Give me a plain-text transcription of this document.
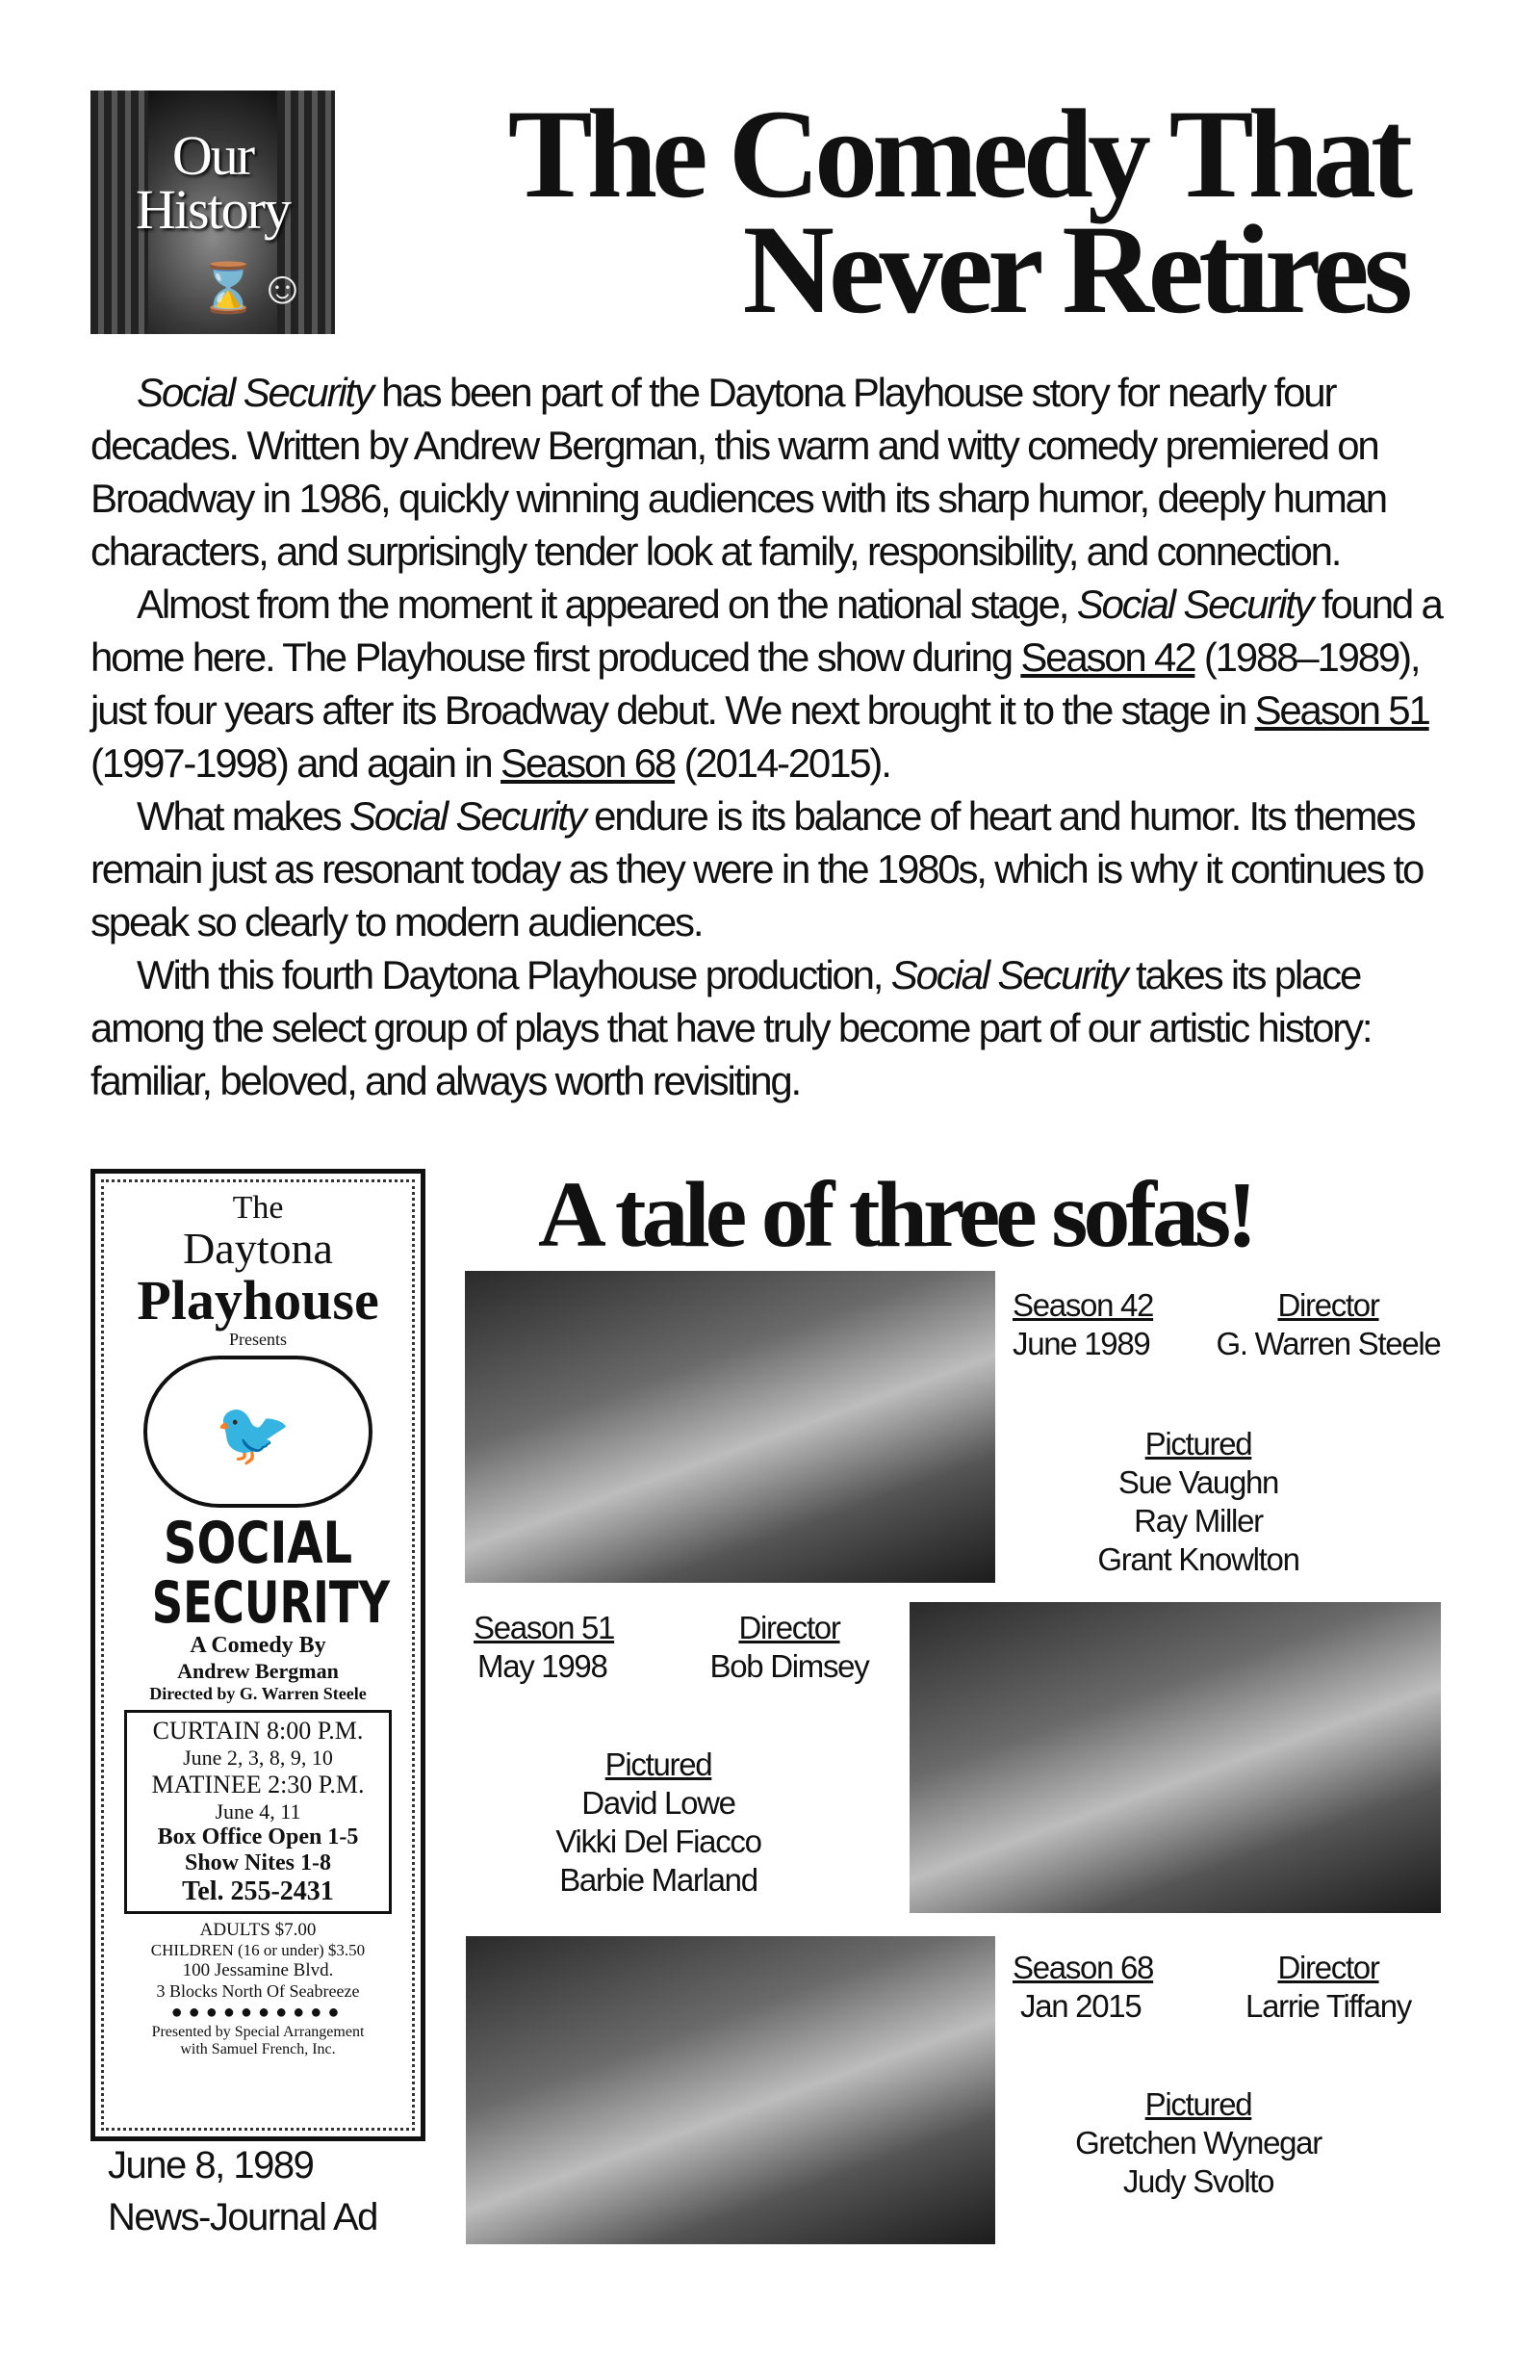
Our
History
⌛ ☺
The Comedy That
Never Retires

Social Security has been part of the Daytona Playhouse story for nearly four decades. Written by Andrew Bergman, this warm and witty comedy premiered on Broadway in 1986, quickly winning audiences with its sharp humor, deeply human characters, and surprisingly tender look at family, responsibility, and connection.

Almost from the moment it appeared on the national stage, Social Security found a home here. The Playhouse first produced the show during Season 42 (1988–1989), just four years after its Broadway debut. We next brought it to the stage in Season 51 (1997-1998) and again in Season 68 (2014-2015).

What makes Social Security endure is its balance of heart and humor. Its themes remain just as resonant today as they were in the 1980s, which is why it continues to speak so clearly to modern audiences.

With this fourth Daytona Playhouse production, Social Security takes its place among the select group of plays that have truly become part of our artistic history: familiar, beloved, and always worth revisiting.

The
Daytona
Playhouse
Presents
🐦
SOCIAL
SECURITY
A Comedy By
Andrew Bergman
Directed by G. Warren Steele
CURTAIN 8:00 P.M.
June 2, 3, 8, 9, 10
MATINEE 2:30 P.M.
June 4, 11
Box Office Open 1-5
Show Nites 1-8
Tel. 255-2431
ADULTS $7.00
CHILDREN (16 or under) $3.50
100 Jessamine Blvd.
3 Blocks North Of Seabreeze
●●●●●●●●●●
Presented by Special Arrangement
with Samuel French, Inc.
June 8, 1989
News-Journal Ad
A tale of three sofas!
Season 42
June 1989
Director
G. Warren Steele
Pictured
Sue Vaughn
Ray Miller
Grant Knowlton
Season 51
May 1998
Director
Bob Dimsey
Pictured
David Lowe
Vikki Del Fiacco
Barbie Marland
Season 68
Jan 2015
Director
Larrie Tiffany
Pictured
Gretchen Wynegar
Judy Svolto
